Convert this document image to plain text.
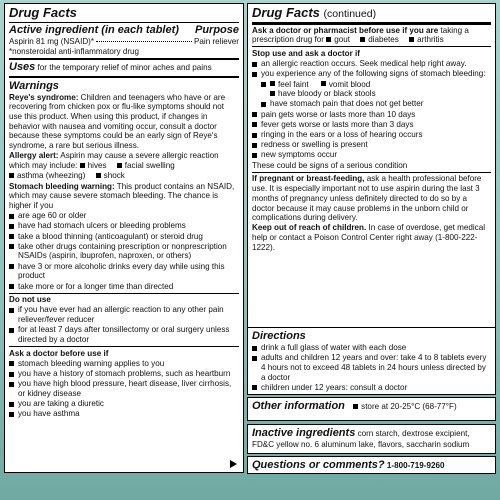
Drug Facts
Active ingredient (in each tablet) Purpose
Aspirin 81 mg (NSAID)*	Pain reliever
*nonsteroidal anti-inflammatory drug
Uses for the temporary relief of minor aches and pains
Warnings

Reye's syndrome: Children and teenagers who have or are recovering from chicken pox or flu-like symptoms should not use this product. When using this product, if changes in behavior with nausea and vomiting occur, consult a doctor because these symptoms could be an early sign of Reye's syndrome, a rare but serious illness.

Allergy alert: Aspirin may cause a severe allergic reaction which may include: hives facial swelling

asthma (wheezing) shock

Stomach bleeding warning: This product contains an NSAID, which may cause severe stomach bleeding. The chance is higher if you

are age 60 or older
have had stomach ulcers or bleeding problems
take a blood thinning (anticoagulant) or steroid drug
take other drugs containing prescription or nonprescription NSAIDs (aspirin, ibuprofen, naproxen, or others)
have 3 or more alcoholic drinks every day while using this product
take more or for a longer time than directed
Do not use
if you have ever had an allergic reaction to any other pain reliever/fever reducer
for at least 7 days after tonsillectomy or oral surgery unless directed by a doctor
Ask a doctor before use if
stomach bleeding warning applies to you
you have a history of stomach problems, such as heartburn
you have high blood pressure, heart disease, liver cirrhosis, or kidney disease
you are taking a diuretic
you have asthma
Drug Facts (continued)

Ask a doctor or pharmacist before use if you are taking a prescription drug for gout diabetes arthritis

Stop use and ask a doctor if
an allergic reaction occurs. Seek medical help right away.
you experience any of the following signs of stomach bleeding:
feel faint	vomit blood have bloody or black stools
have stomach pain that does not get better
pain gets worse or lasts more than 10 days
fever gets worse or lasts more than 3 days
ringing in the ears or a loss of hearing occurs
redness or swelling is present
new symptoms occur
These could be signs of a serious condition

If pregnant or breast-feeding, ask a health professional before use. It is especially important not to use aspirin during the last 3 months of pregnancy unless definitely directed to do so by a doctor because it may cause problems in the unborn child or complications during delivery.

Keep out of reach of children. In case of overdose, get medical help or contact a Poison Control Center right away (1-800-222-1222).

Directions
drink a full glass of water with each dose
adults and children 12 years and over: take 4 to 8 tablets every 4 hours not to exceed 48 tablets in 24 hours unless directed by a doctor
children under 12 years: consult a doctor
Other information store at 20-25°C (68-77°F)
Inactive ingredients corn starch, dextrose excipient, FD&C yellow no. 6 aluminum lake, flavors, saccharin sodium
Questions or comments? 1-800-719-9260
